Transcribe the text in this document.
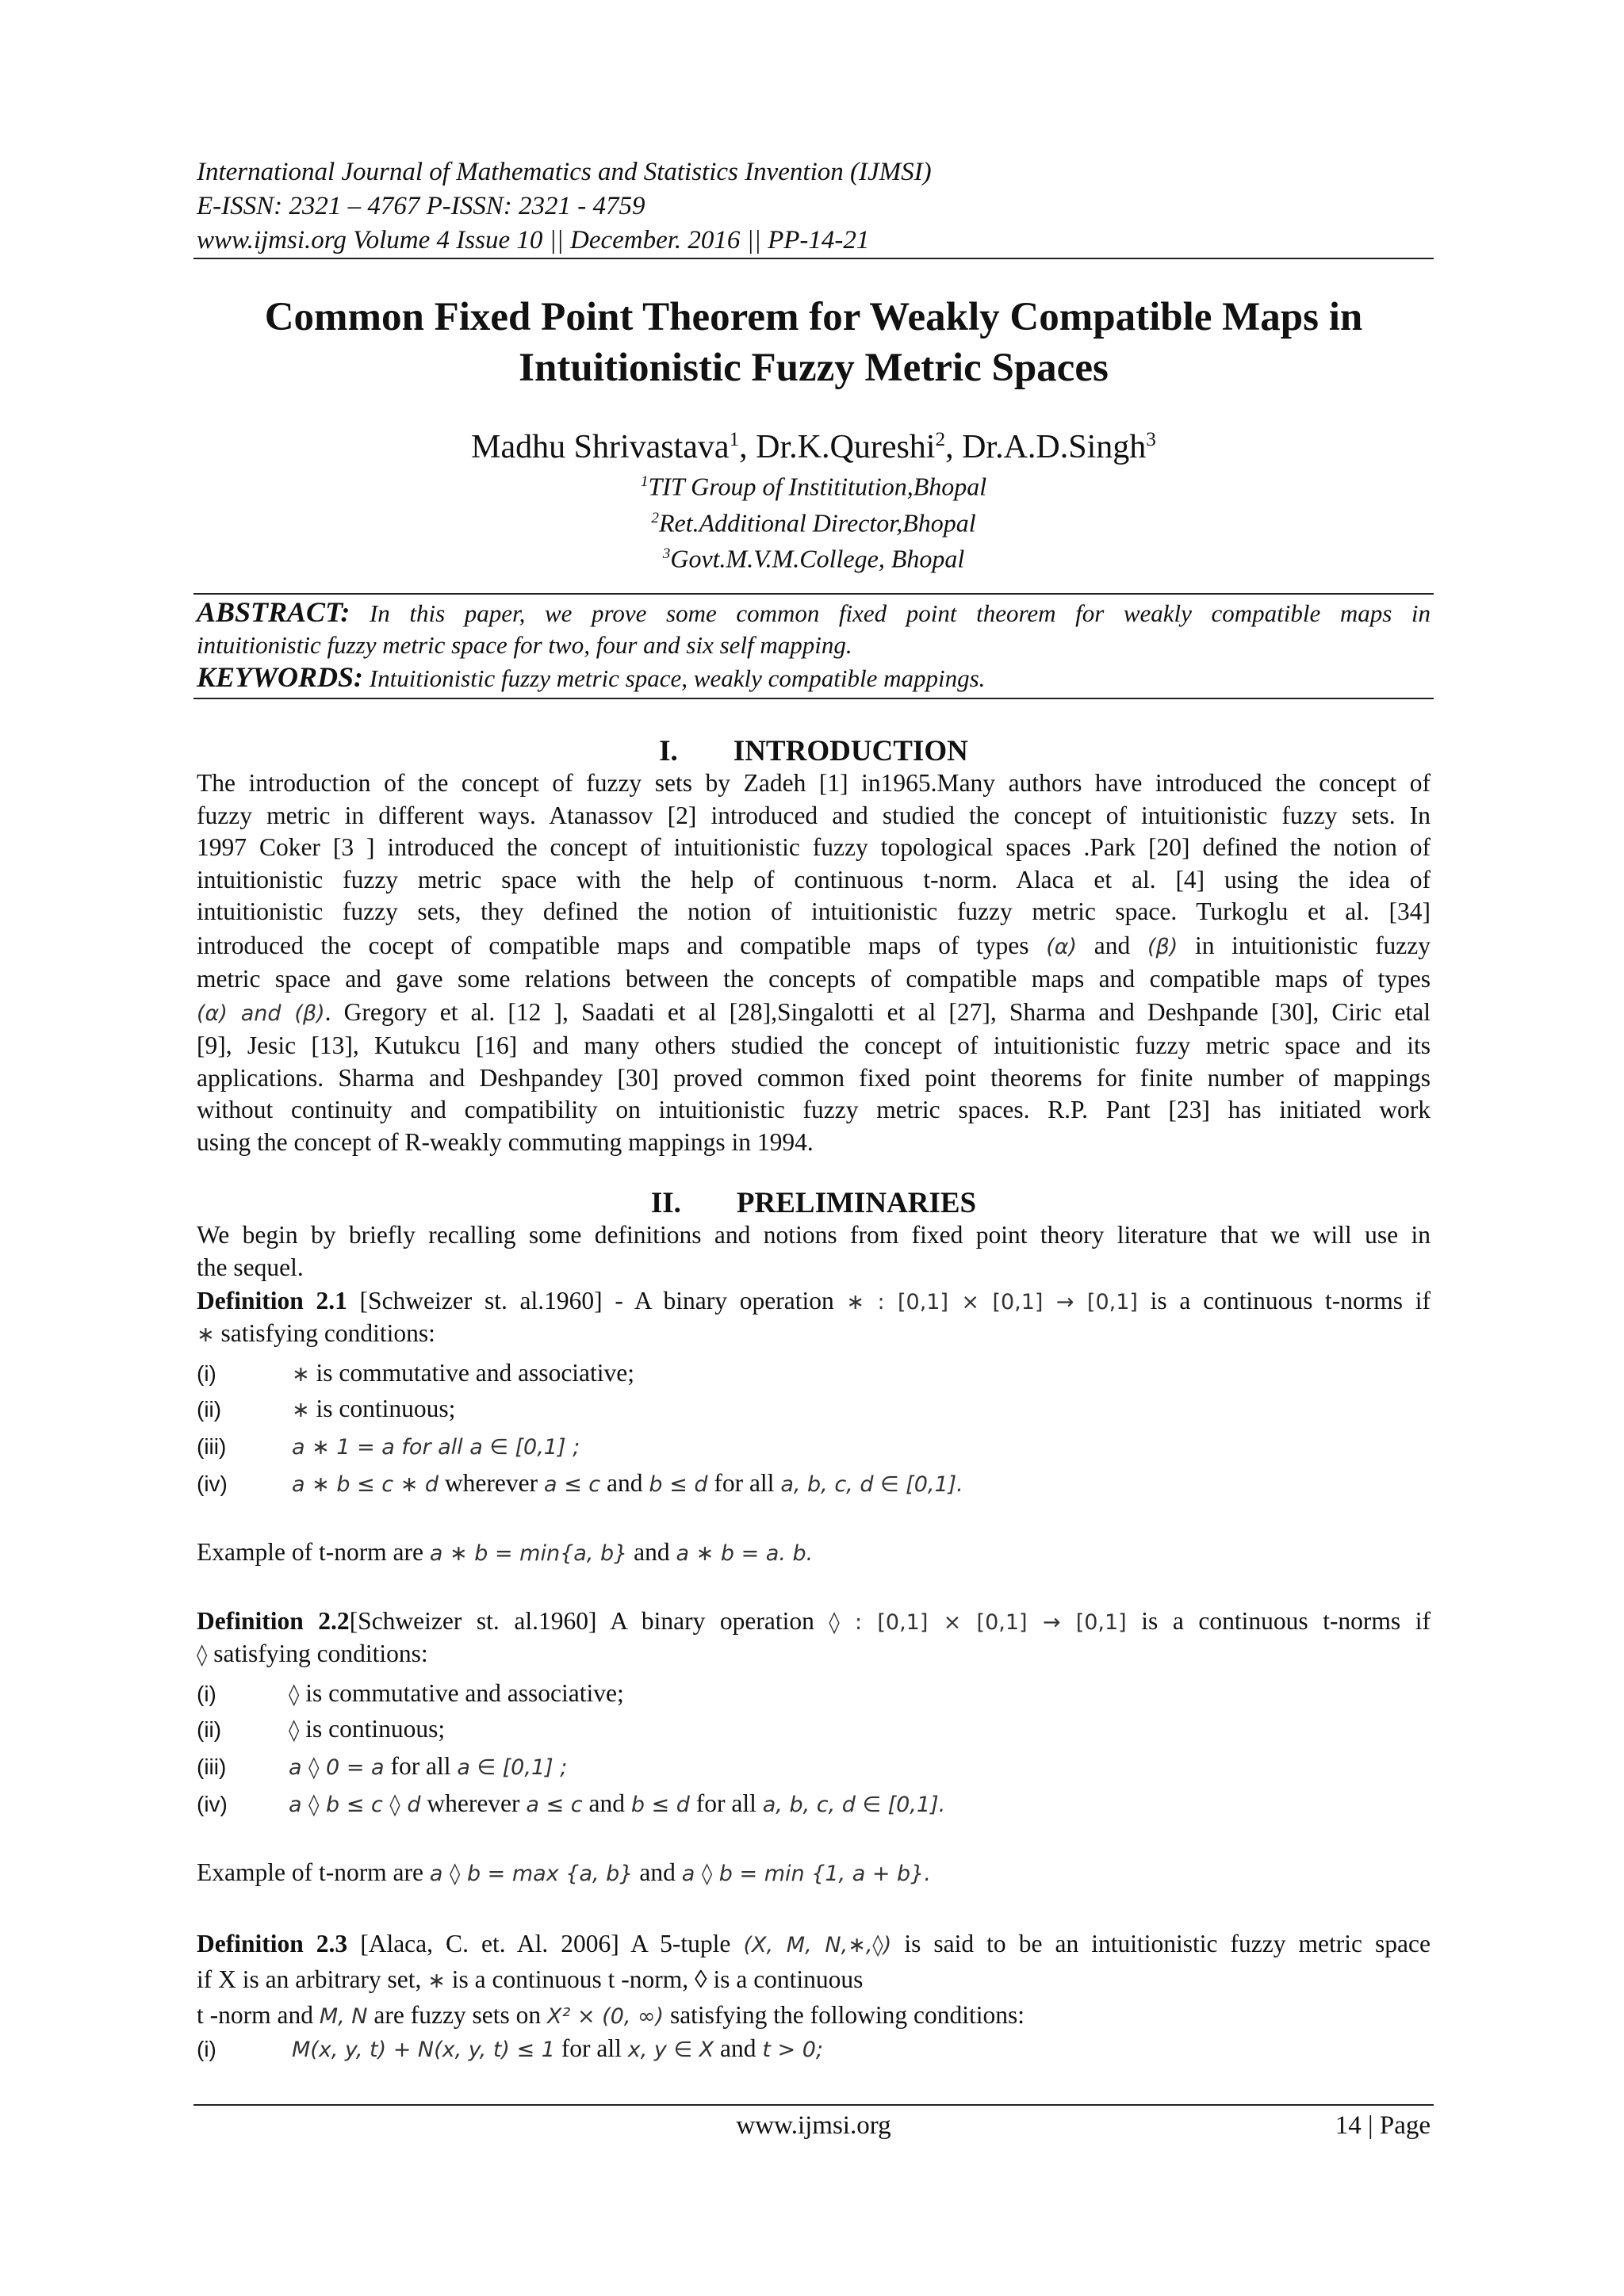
International Journal of Mathematics and Statistics Invention (IJMSI)
E-ISSN: 2321 – 4767 P-ISSN: 2321 - 4759
www.ijmsi.org Volume 4 Issue 10 || December. 2016 || PP-14-21
Common Fixed Point Theorem for Weakly Compatible Maps in
Intuitionistic Fuzzy Metric Spaces
Madhu Shrivastava$^1$, Dr.K.Qureshi$^2$, Dr.A.D.Singh$^3$
$^1$TIT Group of Instititution,Bhopal
$^2$Ret.Additional Director,Bhopal
$^3$Govt.M.V.M.College, Bhopal
ABSTRACT: In this paper, we prove some common fixed point theorem for weakly compatible maps in
intuitionistic fuzzy metric space for two, four and six self mapping.
KEYWORDS: Intuitionistic fuzzy metric space, weakly compatible mappings.
I. INTRODUCTION
The introduction of the concept of fuzzy sets by Zadeh [1] in1965.Many authors have introduced the concept of
fuzzy metric in different ways. Atanassov [2] introduced and studied the concept of intuitionistic fuzzy sets. In
1997 Coker [3 ] introduced the concept of intuitionistic fuzzy topological spaces .Park [20] defined the notion of
intuitionistic fuzzy metric space with the help of continuous t-norm. Alaca et al. [4] using the idea of
intuitionistic fuzzy sets, they defined the notion of intuitionistic fuzzy metric space. Turkoglu et al. [34]
introduced the cocept of compatible maps and compatible maps of types (α) and (β) in intuitionistic fuzzy
metric space and gave some relations between the concepts of compatible maps and compatible maps of types
(α) and (β). Gregory et al. [12 ], Saadati et al [28],Singalotti et al [27], Sharma and Deshpande [30], Ciric etal
[9], Jesic [13], Kutukcu [16] and many others studied the concept of intuitionistic fuzzy metric space and its
applications. Sharma and Deshpandey [30] proved common fixed point theorems for finite number of mappings
without continuity and compatibility on intuitionistic fuzzy metric spaces. R.P. Pant [23] has initiated work
using the concept of R-weakly commuting mappings in 1994.
II. PRELIMINARIES
We begin by briefly recalling some definitions and notions from fixed point theory literature that we will use in
the sequel.
Definition 2.1 [Schweizer st. al.1960] - A binary operation ∗ : [0,1] × [0,1] → [0,1] is a continuous t-norms if
∗ satisfying conditions:
(i)	∗ is commutative and associative;
(ii)	∗ is continuous;
(iii)	a ∗ 1 = a for all a ∈ [0,1] ;
(iv)	a ∗ b ≤ c ∗ d wherever a ≤ c and b ≤ d for all a, b, c, d ∈ [0,1].
Example of t-norm are a ∗ b = min{a, b} and a ∗ b = a. b.
Definition 2.2[Schweizer st. al.1960] A binary operation ◊ : [0,1] × [0,1] → [0,1] is a continuous t-norms if
◊ satisfying conditions:
(i)	◊ is commutative and associative;
(ii)	◊ is continuous;
(iii)	a ◊ 0 = a for all a ∈ [0,1] ;
(iv)	a ◊ b ≤ c ◊ d wherever a ≤ c and b ≤ d for all a, b, c, d ∈ [0,1].
Example of t-norm are a ◊ b = max {a, b} and a ◊ b = min {1, a + b}.
Definition 2.3 [Alaca, C. et. Al. 2006] A 5-tuple (X, M, N,∗,◊) is said to be an intuitionistic fuzzy metric space
if X is an arbitrary set, ∗ is a continuous t -norm, ◊ is a continuous
t -norm and M, N are fuzzy sets on X² × (0, ∞) satisfying the following conditions:
(i)	M(x, y, t) + N(x, y, t) ≤ 1 for all x, y ∈ X and t > 0;
www.ijmsi.org	14 | Page
